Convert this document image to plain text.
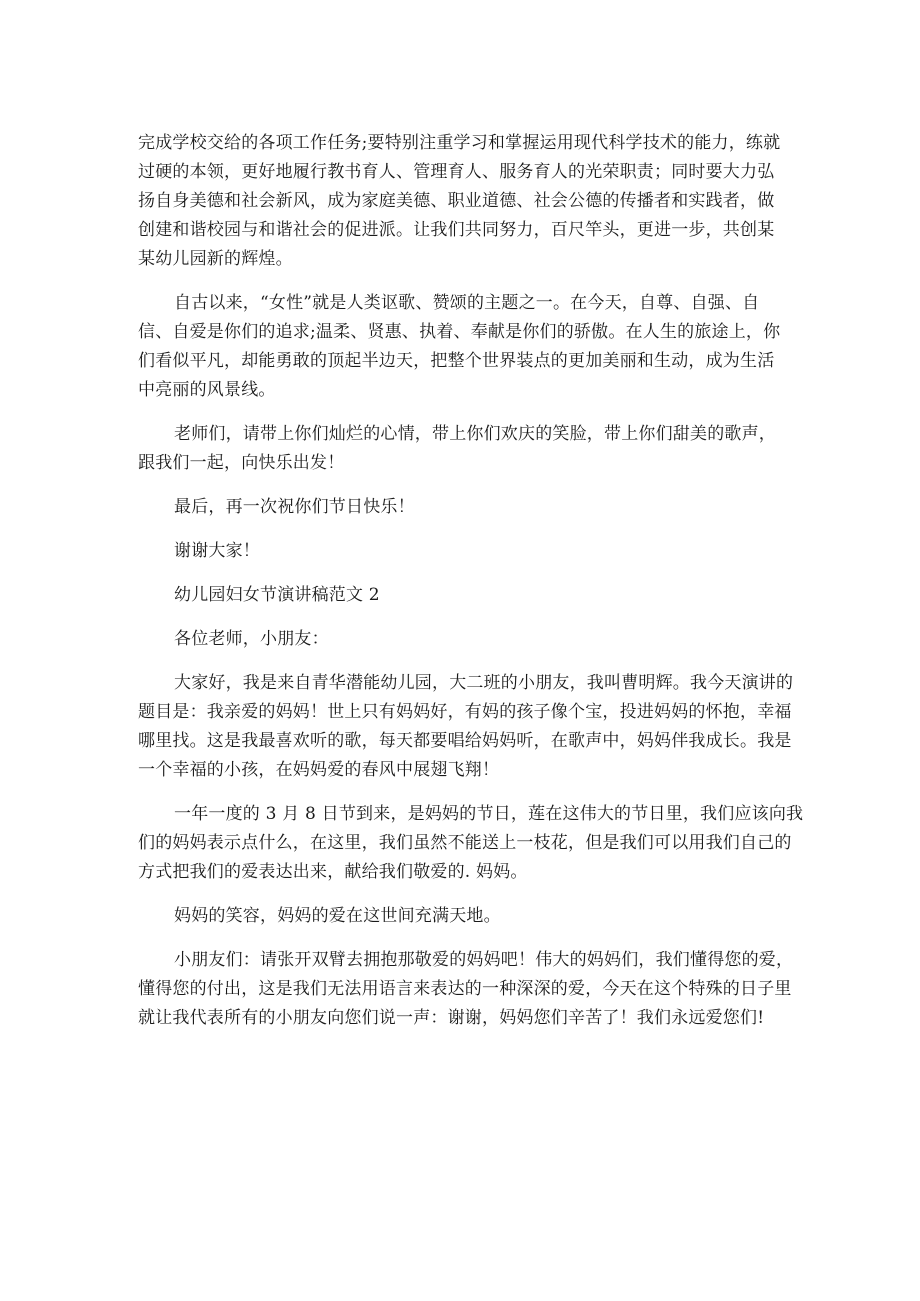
完成学校交给的各项工作任务;要特别注重学习和掌握运用现代科学技术的能力，练就
过硬的本领，更好地履行教书育人、管理育人、服务育人的光荣职责；同时要大力弘
扬自身美德和社会新风，成为家庭美德、职业道德、社会公德的传播者和实践者，做
创建和谐校园与和谐社会的促进派。让我们共同努力，百尺竿头，更进一步，共创某
某幼儿园新的辉煌。
自古以来，“女性”就是人类讴歌、赞颂的主题之一。在今天，自尊、自强、自
信、自爱是你们的追求;温柔、贤惠、执着、奉献是你们的骄傲。在人生的旅途上，你
们看似平凡，却能勇敢的顶起半边天，把整个世界装点的更加美丽和生动，成为生活
中亮丽的风景线。
老师们，请带上你们灿烂的心情，带上你们欢庆的笑脸，带上你们甜美的歌声，
跟我们一起，向快乐出发！
最后，再一次祝你们节日快乐！
谢谢大家！
幼儿园妇女节演讲稿范文 2
各位老师，小朋友：
大家好，我是来自青华潜能幼儿园，大二班的小朋友，我叫曹明辉。我今天演讲的
题目是：我亲爱的妈妈！世上只有妈妈好，有妈的孩子像个宝，投进妈妈的怀抱，幸福
哪里找。这是我最喜欢听的歌，每天都要唱给妈妈听，在歌声中，妈妈伴我成长。我是
一个幸福的小孩，在妈妈爱的春风中展翅飞翔！
一年一度的 3 月 8 日节到来，是妈妈的节日，莲在这伟大的节日里，我们应该向我
们的妈妈表示点什么，在这里，我们虽然不能送上一枝花，但是我们可以用我们自己的
方式把我们的爱表达出来，献给我们敬爱的. 妈妈。
妈妈的笑容，妈妈的爱在这世间充满天地。
小朋友们：请张开双臂去拥抱那敬爱的妈妈吧！伟大的妈妈们，我们懂得您的爱，
懂得您的付出，这是我们无法用语言来表达的一种深深的爱，今天在这个特殊的日子里
就让我代表所有的小朋友向您们说一声：谢谢，妈妈您们辛苦了！我们永远爱您们!
